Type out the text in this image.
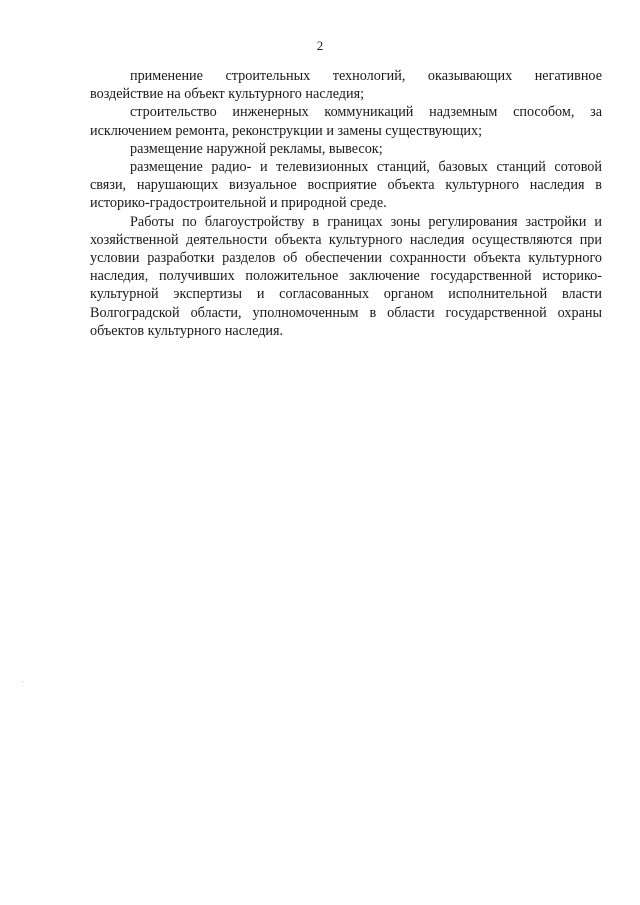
2

применение строительных технологий, оказывающих негативное воздействие на объект культурного наследия;

строительство инженерных коммуникаций надземным способом, за исключением ремонта, реконструкции и замены существующих;

размещение наружной рекламы, вывесок;

размещение радио- и телевизионных станций, базовых станций сотовой связи, нарушающих визуальное восприятие объекта культурного наследия в историко-градостроительной и природной среде.

Работы по благоустройству в границах зоны регулирования застройки и хозяйственной деятельности объекта культурного наследия осуществляются при условии разработки разделов об обеспечении сохранности объекта культурного наследия, получивших положительное заключение государственной историко-культурной экспертизы и согласованных органом исполнительной власти Волгоградской области, уполномоченным в области государственной охраны объектов культурного наследия.
